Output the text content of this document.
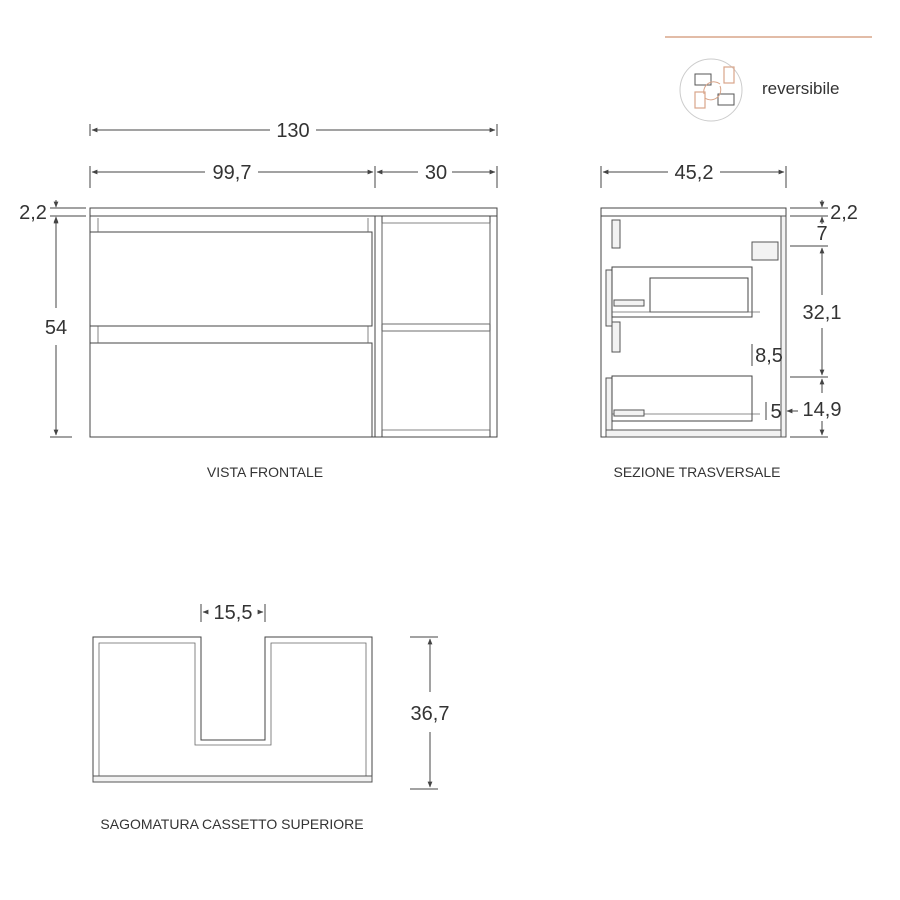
reversibile
130
99,7	30
2,2
54
VISTA FRONTALE
45,2
2,2
7
32,1
14,9
8,5
5
SEZIONE TRASVERSALE
15,5
36,7
SAGOMATURA CASSETTO SUPERIORE
